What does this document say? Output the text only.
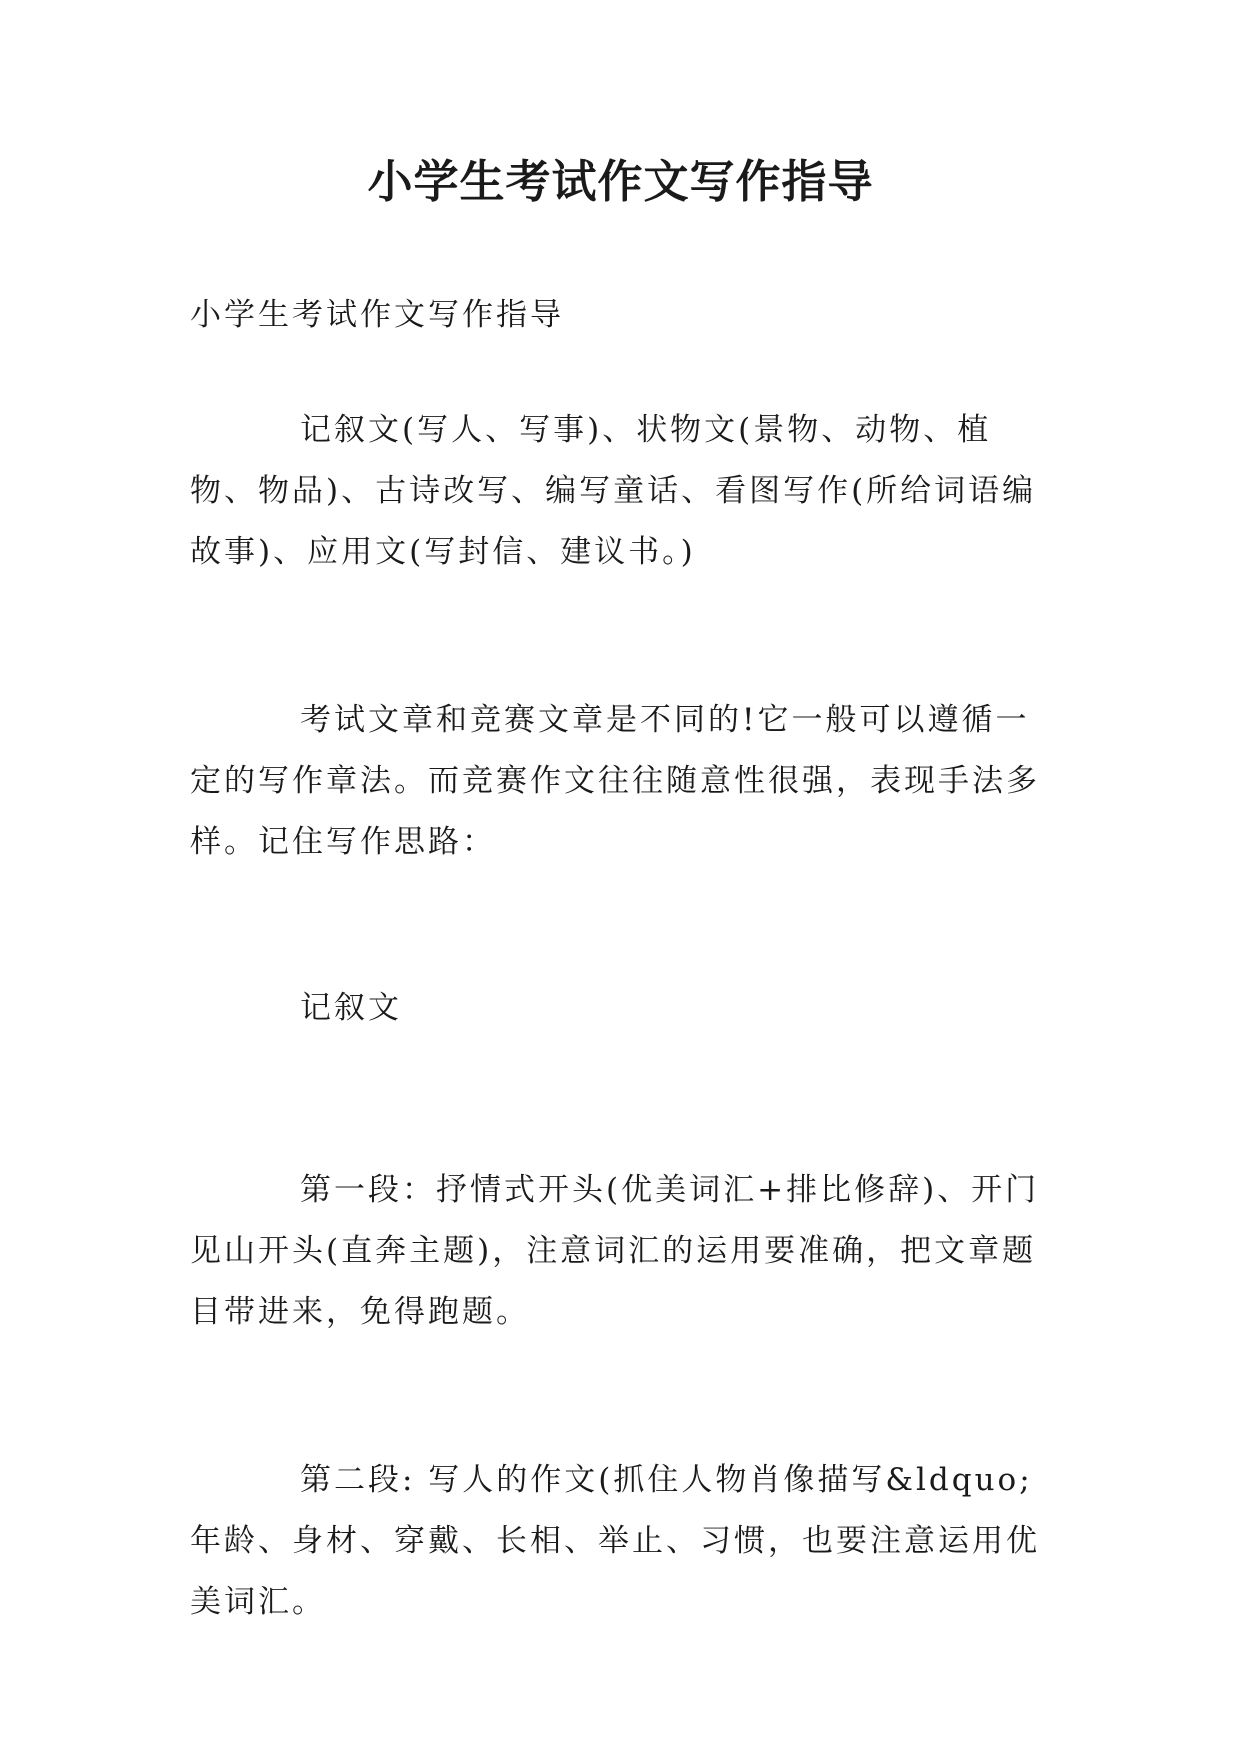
小学生考试作文写作指导

小学生考试作文写作指导

记叙文(写人、写事)、状物文(景物、动物、植物、物品)、古诗改写、编写童话、看图写作(所给词语编故事)、应用文(写封信、建议书。)

考试文章和竞赛文章是不同的!它一般可以遵循一定的写作章法。而竞赛作文往往随意性很强，表现手法多样。记住写作思路：

记叙文

第一段：抒情式开头(优美词汇+排比修辞)、开门见山开头(直奔主题)，注意词汇的运用要准确，把文章题目带进来，免得跑题。

第二段: 写人的作文(抓住人物肖像描写&ldquo;年龄、身材、穿戴、长相、举止、习惯，也要注意运用优美词汇。
